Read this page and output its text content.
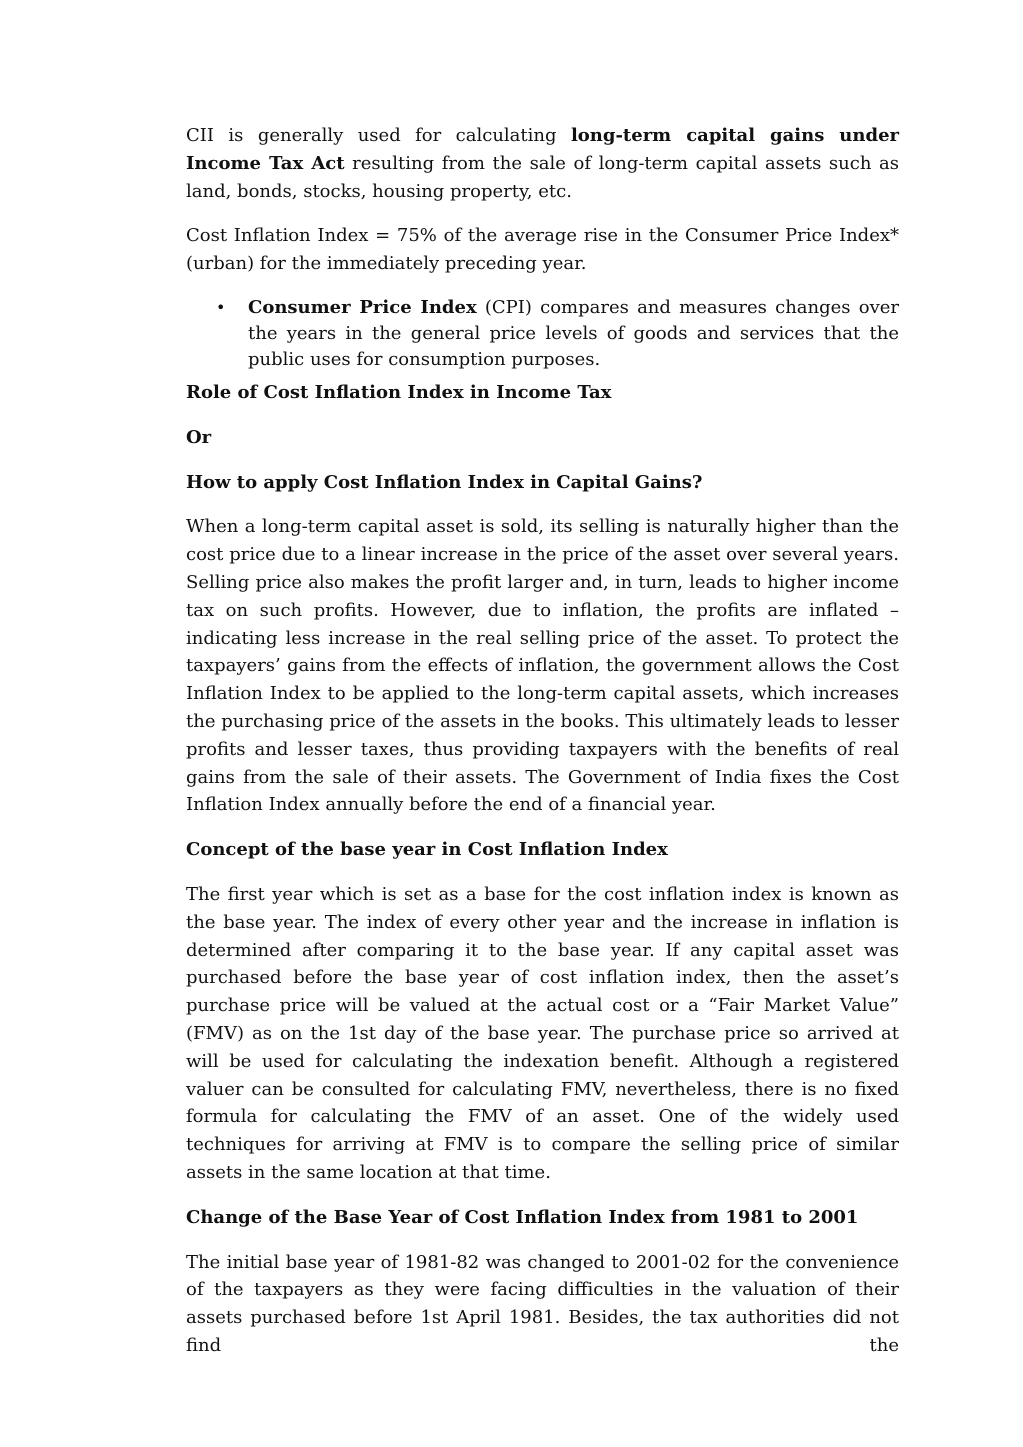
CII is generally used for calculating long-term capital gains under Income Tax Act resulting from the sale of long-term capital assets such as land, bonds, stocks, housing property, etc.

Cost Inflation Index = 75% of the average rise in the Consumer Price Index* (urban) for the immediately preceding year.

• Consumer Price Index (CPI) compares and measures changes over the years in the general price levels of goods and services that the public uses for consumption purposes.
Role of Cost Inflation Index in Income Tax
Or
How to apply Cost Inflation Index in Capital Gains?

When a long-term capital asset is sold, its selling is naturally higher than the cost price due to a linear increase in the price of the asset over several years. Selling price also makes the profit larger and, in turn, leads to higher income tax on such profits. However, due to inflation, the profits are inflated – indicating less increase in the real selling price of the asset. To protect the taxpayers’ gains from the effects of inflation, the government allows the Cost Inflation Index to be applied to the long-term capital assets, which increases the purchasing price of the assets in the books. This ultimately leads to lesser profits and lesser taxes, thus providing taxpayers with the benefits of real gains from the sale of their assets. The Government of India fixes the Cost Inflation Index annually before the end of a financial year.

Concept of the base year in Cost Inflation Index

The first year which is set as a base for the cost inflation index is known as the base year. The index of every other year and the increase in inflation is determined after comparing it to the base year. If any capital asset was purchased before the base year of cost inflation index, then the asset’s purchase price will be valued at the actual cost or a “Fair Market Value” (FMV) as on the 1st day of the base year. The purchase price so arrived at will be used for calculating the indexation benefit. Although a registered valuer can be consulted for calculating FMV, nevertheless, there is no fixed formula for calculating the FMV of an asset. One of the widely used techniques for arriving at FMV is to compare the selling price of similar assets in the same location at that time.

Change of the Base Year of Cost Inflation Index from 1981 to 2001

The initial base year of 1981-82 was changed to 2001-02 for the convenience of the taxpayers as they were facing difficulties in the valuation of their assets purchased before 1st April 1981. Besides, the tax authorities did not find the
